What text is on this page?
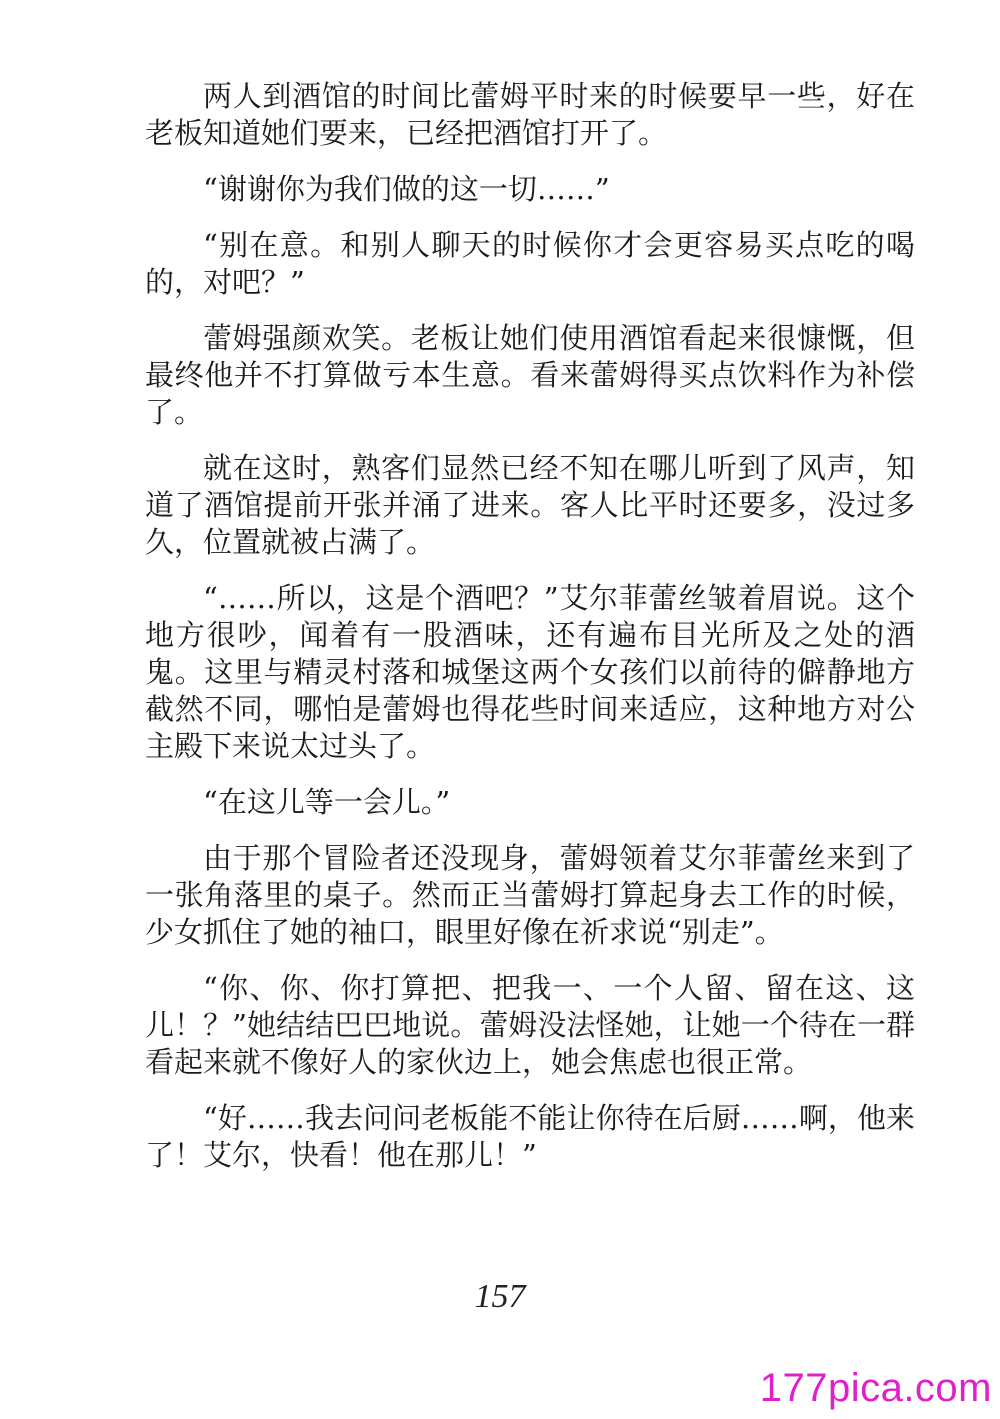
两人到酒馆的时间比蕾姆平时来的时候要早一些，好在老板知道她们要来，已经把酒馆打开了。

“谢谢你为我们做的这一切……”

“别在意。和别人聊天的时候你才会更容易买点吃的喝的，对吧？”

蕾姆强颜欢笑。老板让她们使用酒馆看起来很慷慨，但最终他并不打算做亏本生意。看来蕾姆得买点饮料作为补偿了。

就在这时，熟客们显然已经不知在哪儿听到了风声，知道了酒馆提前开张并涌了进来。客人比平时还要多，没过多久，位置就被占满了。

“……所以，这是个酒吧？”艾尔菲蕾丝皱着眉说。这个地方很吵，闻着有一股酒味，还有遍布目光所及之处的酒鬼。这里与精灵村落和城堡这两个女孩们以前待的僻静地方截然不同，哪怕是蕾姆也得花些时间来适应，这种地方对公主殿下来说太过头了。

“在这儿等一会儿。”

由于那个冒险者还没现身，蕾姆领着艾尔菲蕾丝来到了一张角落里的桌子。然而正当蕾姆打算起身去工作的时候，少女抓住了她的袖口，眼里好像在祈求说“别走”。

“你、你、你打算把、把我一、一个人留、留在这、这儿！？”她结结巴巴地说。蕾姆没法怪她，让她一个待在一群看起来就不像好人的家伙边上，她会焦虑也很正常。

“好……我去问问老板能不能让你待在后厨……啊，他来了！艾尔，快看！他在那儿！”

157
177pica.com
